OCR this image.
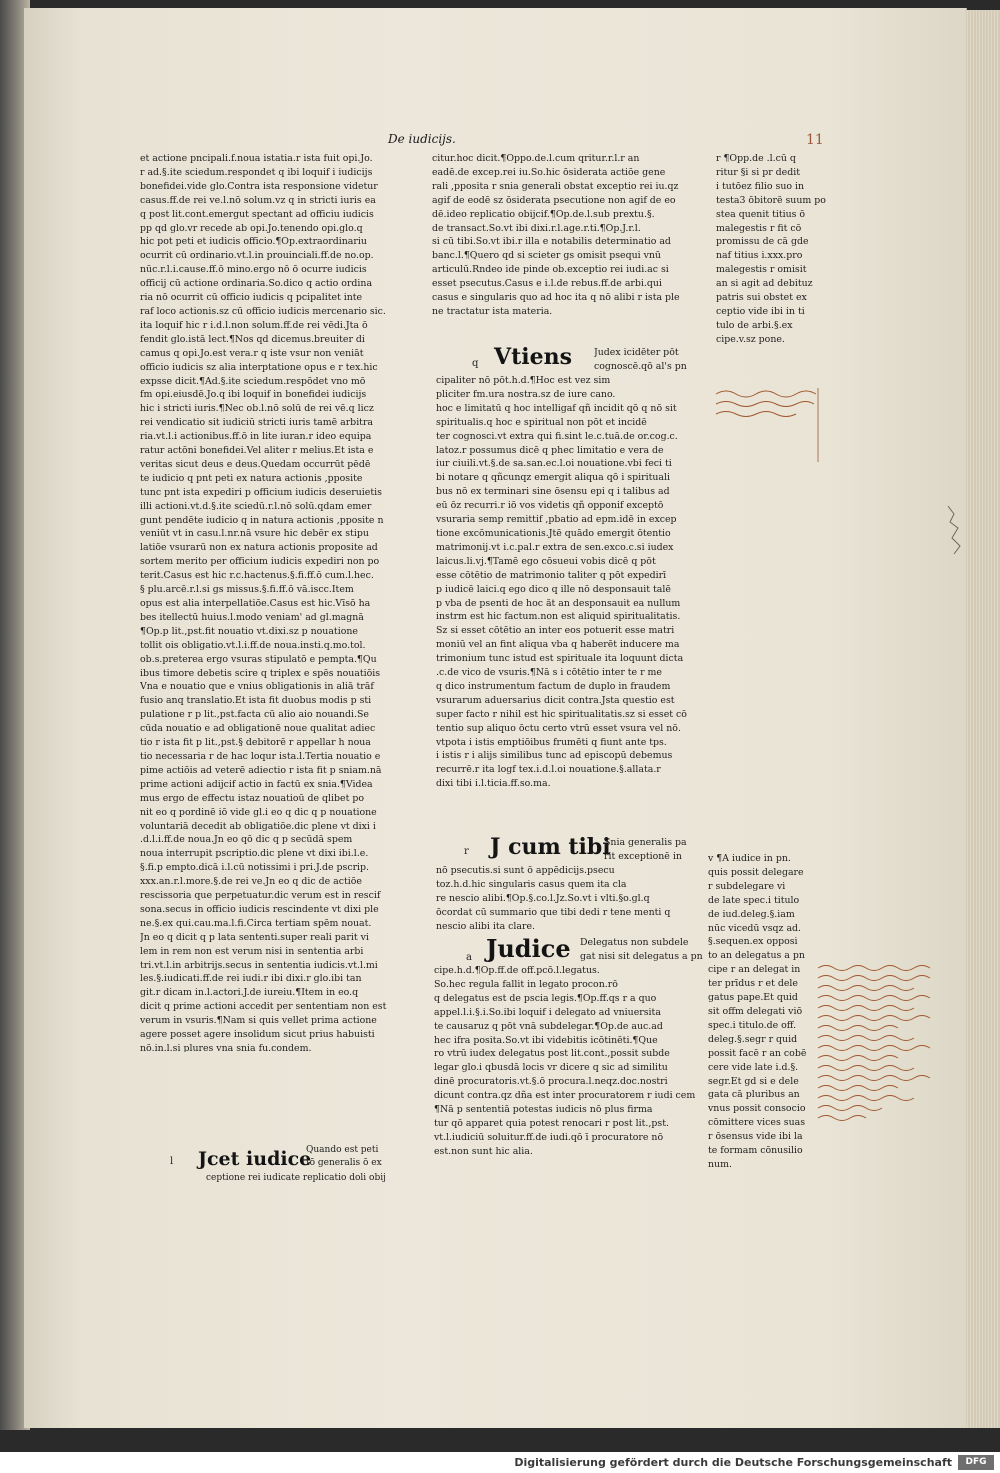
De iudicijs.	11
et actione pncipali.f.noua istatia.r ista fuit opi.Jo.
r ad.§.ite sciedum.respondet q ibi loquif i iudicijs
bonefidei.vide glo.Contra ista responsione videtur
casus.ff.de rei ve.l.nō solum.vz q in stricti iuris ea
q post lit.cont.emergut spectant ad officiu iudicis
pp qd glo.vr recede ab opi.Jo.tenendo opi.glo.q
hic pot peti et iudicis officio.¶Op.extraordinariu
ocurrit cū ordinario.vt.l.in prouinciali.ff.de no.op.
nūc.r.l.i.cause.ff.ō mino.ergo nō ō ocurre iudicis
officij cū actione ordinaria.So.dico q actio ordina
ria nō ocurrit cū officio iudicis q pcipalitet inte
raf loco actionis.sz cū officio iudicis mercenario sic.
ita loquif hic r i.d.l.non solum.ff.de rei vēdi.Jta ō
fendit glo.istā lect.¶Nos qd dicemus.breuiter di
camus q opi.Jo.est vera.r q iste vsur non veniāt
officio iudicis sz alia interptatione opus e r tex.hic
expsse dicit.¶Ad.§.ite sciedum.respōdet vno mō
fm opi.eiusdē.Jo.q ibi loquif in bonefidei iudicijs
hic i stricti iuris.¶Nec ob.l.nō solū de rei vē.q licz
rei vendicatio sit iudiciū stricti iuris tamē arbitra
ria.vt.l.i actionibus.ff.ō in lite iuran.r ideo equipa
ratur actōni bonefidei.Vel aliter r melius.Et ista e
veritas sicut deus e deus.Quedam occurrūt pēdē
te iudicio q pnt peti ex natura actionis ,pposite
tunc pnt ista expediri p officium iudicis deseruietis
illi actioni.vt.d.§.ite sciedū.r.l.nō solū.qdam emer
gunt pendēte iudicio q in natura actionis ,pposite n
veniūt vt in casu.l.nr.nā vsure hic debēr ex stipu
latiōe vsurarū non ex natura actionis proposite ad
sortem merito per officium iudicis expediri non po
terit.Casus est hic r.c.hactenus.§.fi.ff.ō cum.l.hec.
§ plu.arcē.r.l.si gs missus.§.fi.ff.ō vā.iscc.Item
opus est alia interpellatiōe.Casus est hic.Vīsō ha
bes itellectū huius.l.modo veniam' ad gl.magnā
¶Op.p lit.,pst.fit nouatio vt.dixi.sz p nouatione
tollit ois obligatio.vt.l.i.ff.de noua.insti.q.mo.tol.
ob.s.preterea ergo vsuras stipulatō e pempta.¶Qu
ibus timore debetis scire q triplex e spēs nouatiōis
Vna e nouatio que e vnius obligationis in aliā trāf
fusio anq translatio.Et ista fit duobus modis p sti
pulatione r p lit.,pst.facta cū alio aio nouandi.Se
cūda nouatio e ad obligationē noue qualitat adiec
tio r ista fit p lit.,pst.§ debitorē r appellar h noua
tio necessaria r de hac loqur ista.l.Tertia nouatio e
pime actiōis ad veterē adiectio r ista fit p sniam.nā
prime actioni adijcif actio in factū ex snia.¶Videa
mus ergo de effectu istaz nouatioū de qlibet po
nit eo q pordinē iō vide gl.i eo q dic q p nouatione
voluntariā decedit ab obligatiōe.dic plene vt dixi i
.d.l.i.ff.de noua.Jn eo qō dic q p secūdā spem
noua interrupit pscriptio.dic plene vt dixi ibi.l.e.
§.fi.p empto.dicā i.l.cū notissimi i pri.J.de pscrip.
xxx.an.r.l.more.§.de rei ve.Jn eo q dic de actiōe
rescissoria que perpetuatur.dic verum est in rescif
sona.secus in officio iudicis rescindente vt dixi ple
ne.§.ex qui.cau.ma.l.fi.Circa tertiam spēm nouat.
Jn eo q dicit q p lata sententi.super reali parit vi
lem in rem non est verum nisi in sententia arbi
tri.vt.l.in arbitrijs.secus in sententia iudicis.vt.l.mi
les.§.iudicati.ff.de rei iudi.r ibi dixi.r glo.ibi tan
git.r dicam in.l.actori.J.de iureiu.¶Item in eo.q
dicit q prime actioni accedit per sententiam non est
verum in vsuris.¶Nam si quis vellet prima actione
agere posset agere insolidum sicut prius habuisti
nō.in.l.si plures vna snia fu.condem.
l Jcet iudice
Quando est peti
tō generalis ō ex
ceptione rei iudicate replicatio doli obij
citur.hoc dicit.¶Oppo.de.l.cum qritur.r.l.r an
eadē.de excep.rei iu.So.hic ōsiderata actiōe gene
rali ,pposita r snia generali obstat exceptio rei iu.qz
agif de eodē sz ōsiderata psecutione non agif de eo
dē.ideo replicatio obijcif.¶Op.de.l.sub prextu.§.
de transact.So.vt ibi dixi.r.l.age.r.ti.¶Op.J.r.l.
si cū tibi.So.vt ibi.r illa e notabilis determinatio ad
banc.l.¶Quero qd si scieter gs omisit psequi vnū
articulū.Rndeo ide pinde ob.exceptio rei iudi.ac si
esset psecutus.Casus e i.l.de rebus.ff.de arbi.qui
casus e singularis quo ad hoc ita q nō alibi r ista ple
ne tractatur ista materia.
q Vtiens Judex icidēter pōt
cognoscē.qō al's pn
cipaliter nō pōt.h.d.¶Hoc est vez sim
pliciter fm.ura nostra.sz de iure cano.
hoc e limitatū q hoc intelligaf qñ incidit qō q nō sit
spiritualis.q hoc e spiritual non pōt et incidē
ter cognosci.vt extra qui fi.sint le.c.tuā.de or.cog.c.
latoz.r possumus dicē q phec limitatio e vera de
iur ciuili.vt.§.de sa.san.ec.l.oi nouatione.vbi feci ti
bi notare q qñcunqz emergit aliqua qō i spirituali
bus nō ex terminari sine ōsensu epi q i talibus ad
eū ōz recurri.r iō vos videtis qñ opponif exceptō
vsuraria semp remittif ,pbatio ad epm.idē in excep
tione excōmunicationis.Jtē quādo emergit ōtentio
matrimonij.vt i.c.pal.r extra de sen.exco.c.si iudex
laicus.li.vj.¶Tamē ego cōsueui vobis dicē q pōt
esse cōtētio de matrimonio taliter q pōt expedirī
p iudicē laici.q ego dico q ille nō desponsauit talē
p vba de psenti de hoc ăt an desponsauit ea nullum
instrm est hic factum.non est aliquid spiritualitatis.
Sz si esset cōtētio an inter eos potuerit esse matri
moniū vel an fint aliqua vba q haberēt inducere ma
trimonium tunc istud est spirituale ita loquunt dicta
.c.de vico de vsuris.¶Nā s i cōtētio inter te r me
q dico instrumentum factum de duplo in fraudem
vsurarum aduersarius dicit contra.Jsta questio est
super facto r nihil est hic spiritualitatis.sz si esset cō
tentio sup aliquo ōctu certo vtrū esset vsura vel nō.
vtpota i istis emptiōibus frumēti q fiunt ante tps.
i istis r i alijs similibus tunc ad episcopū debemus
recurrē.r ita logf tex.i.d.l.oi nouatione.§.allata.r
dixi tibi i.l.ticia.ff.so.ma.
r J cum tibi
Snia generalis pa
rit exceptionē in
nō psecutis.si sunt ō appēdicijs.psecu
toz.h.d.hic singularis casus quem ita cla
re nescio alibi.¶Op.§.co.l.Jz.So.vt i vlti.§o.gl.q
ōcordat cū summario que tibi dedi r tene menti q
nescio alibi ita clare.
a Judice Delegatus non subdele
gat nisi sit delegatus a pn
cipe.h.d.¶Op.ff.de off.pcō.l.legatus.
So.hec regula fallit in legato procon.rō
q delegatus est de pscia legis.¶Op.ff.qs r a quo
appel.l.i.§.i.So.ibi loquif i delegato ad vniuersita
te causaruz q pōt vnā subdelegar.¶Op.de auc.ad
hec ifra posita.So.vt ibi videbitis icōtinēti.¶Que
ro vtrū iudex delegatus post lit.cont.,possit subde
legar glo.i qbusdā locis vr dicere q sic ad similitu
dinē procuratoris.vt.§.ō procura.l.neqz.doc.nostri
dicunt contra.qz dña est inter procuratorem r iudi cem
¶Nā p sententiā potestas iudicis nō plus firma
tur qō apparet quia potest renocari r post lit.,pst.
vt.l.iudiciū soluitur.ff.de iudi.qō ī procuratore nō
est.non sunt hic alia.
r ¶Opp.de .l.cū q
ritur §i si pr dedit
i tutōez filio suo in
testa3 ōbitorē suum po
stea quenit titius ō
malegestis r fit cō
promissu de cā gde
naf titius i.xxx.pro
malegestis r omisit
an si agit ad debituz
patris sui obstet ex
ceptio vide ibi in ti
tulo de arbi.§.ex
cipe.v.sz pone.
v ¶A iudice in pn.
quis possit delegare
r subdelegare vi
de late spec.i titulo
de iud.deleg.§.iam
nūc vicedū vsqz ad.
§.sequen.ex opposi
to an delegatus a pn
cipe r an delegat in
ter prīdus r et dele
gatus pape.Et quid
sit offm delegati viō
spec.i titulo.de off.
deleg.§.segr r quid
possit facē r an cobē
cere vide late i.d.§.
segr.Et gd si e dele
gata cā pluribus an
vnus possit consocio
cōmittere vices suas
r ōsensus vide ibi la
te formam cōnusilio
num.
Digitalisierung gefördert durch die Deutsche Forschungsgemeinschaft	DFG
